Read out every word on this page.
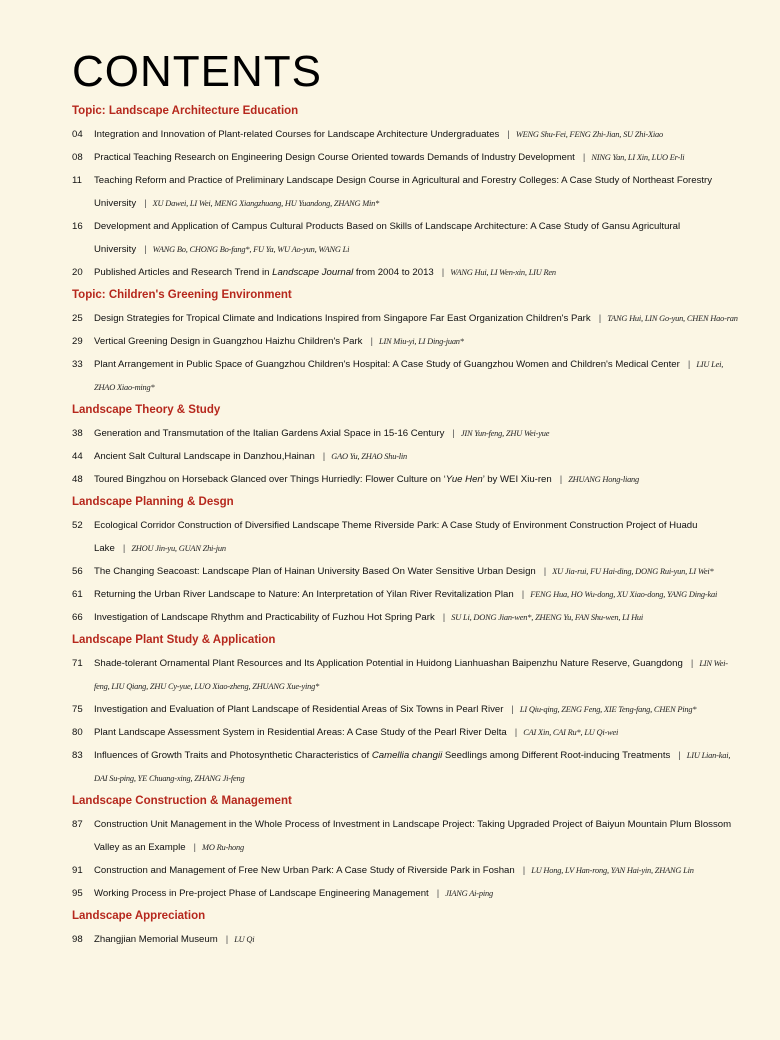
CONTENTS
Topic: Landscape Architecture Education
04	Integration and Innovation of Plant-related Courses for Landscape Architecture Undergraduates | WENG Shu-Fei, FENG Zhi-Jian, SU Zhi-Xiao
08	Practical Teaching Research on Engineering Design Course Oriented towards Demands of Industry Development | NING Yan, LI Xin, LUO Er-li
11	Teaching Reform and Practice of Preliminary Landscape Design Course in Agricultural and Forestry Colleges: A Case Study of Northeast Forestry University | XU Dawei, LI Wei, MENG Xiangzhuang, HU Yuandong, ZHANG Min*
16	Development and Application of Campus Cultural Products Based on Skills of Landscape Architecture: A Case Study of Gansu Agricultural University | WANG Bo, CHONG Bo-fang*, FU Ya, WU Ao-yun, WANG Li
20	Published Articles and Research Trend in Landscape Journal from 2004 to 2013 | WANG Hui, LI Wen-xin, LIU Ren
Topic: Children's Greening Environment
25	Design Strategies for Tropical Climate and Indications Inspired from Singapore Far East Organization Children's Park | TANG Hui, LIN Go-yun, CHEN Hao-ran
29	Vertical Greening Design in Guangzhou Haizhu Children's Park | LIN Miu-yi, LI Ding-juan*
33	Plant Arrangement in Public Space of Guangzhou Children's Hospital: A Case Study of Guangzhou Women and Children's Medical Center | LIU Lei, ZHAO Xiao-ming*
Landscape Theory & Study
38	Generation and Transmutation of the Italian Gardens Axial Space in 15-16 Century | JIN Yun-feng, ZHU Wei-yue
44	Ancient Salt Cultural Landscape in Danzhou,Hainan | GAO Yu, ZHAO Shu-lin
48	Toured Bingzhou on Horseback Glanced over Things Hurriedly: Flower Culture on ‘Yue Hen’ by WEI Xiu-ren | ZHUANG Hong-liang
Landscape Planning & Desgn
52	Ecological Corridor Construction of Diversified Landscape Theme Riverside Park: A Case Study of Environment Construction Project of Huadu Lake | ZHOU Jin-yu, GUAN Zhi-jun
56	The Changing Seacoast: Landscape Plan of Hainan University Based On Water Sensitive Urban Design | XU Jia-rui, FU Hai-ding, DONG Rui-yun, LI Wei*
61	Returning the Urban River Landscape to Nature: An Interpretation of Yilan River Revitalization Plan | FENG Hua, HO Wu-dong, XU Xiao-dong, YANG Ding-kai
66	Investigation of Landscape Rhythm and Practicability of Fuzhou Hot Spring Park | SU Li, DONG Jian-wen*, ZHENG Yu, FAN Shu-wen, LI Hui
Landscape Plant Study & Application
71	Shade-tolerant Ornamental Plant Resources and Its Application Potential in Huidong Lianhuashan Baipenzhu Nature Reserve, Guangdong | LIN Wei-feng, LIU Qiang, ZHU Cy-yue, LUO Xiao-zheng, ZHUANG Xue-ying*
75	Investigation and Evaluation of Plant Landscape of Residential Areas of Six Towns in Pearl River | LI Qiu-qing, ZENG Feng, XIE Teng-fang, CHEN Ping*
80	Plant Landscape Assessment System in Residential Areas: A Case Study of the Pearl River Delta | CAI Xin, CAI Ru*, LU Qi-wei
83	Influences of Growth Traits and Photosynthetic Characteristics of Camellia changii Seedlings among Different Root-inducing Treatments | LIU Lian-kai, DAI Su-ping, YE Chuang-xing, ZHANG Ji-feng
Landscape Construction & Management
87	Construction Unit Management in the Whole Process of Investment in Landscape Project: Taking Upgraded Project of Baiyun Mountain Plum Blossom Valley as an Example | MO Ru-hong
91	Construction and Management of Free New Urban Park: A Case Study of Riverside Park in Foshan | LU Hong, LV Han-rong, YAN Hai-yin, ZHANG Lin
95	Working Process in Pre-project Phase of Landscape Engineering Management | JIANG Ai-ping
Landscape Appreciation
98	Zhangjian Memorial Museum | LU Qi
